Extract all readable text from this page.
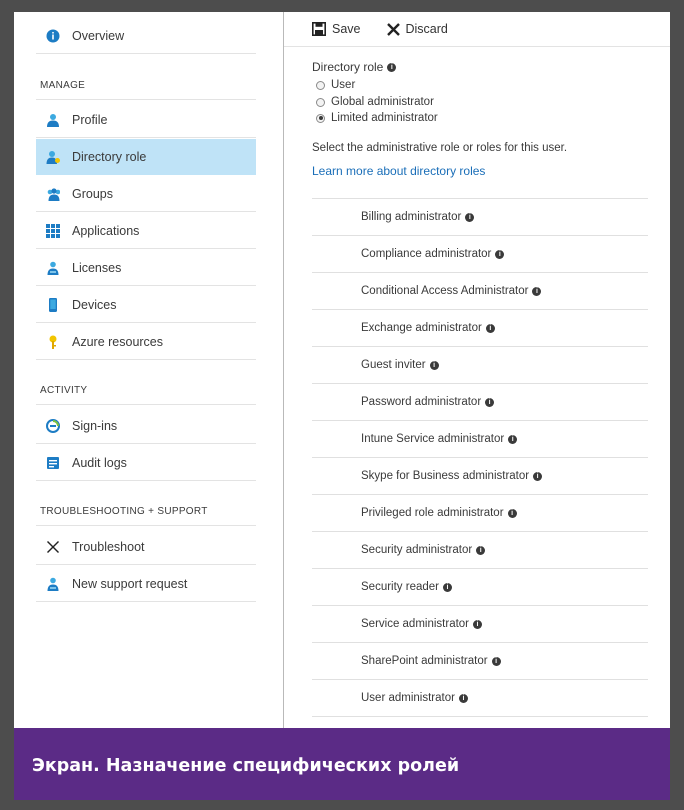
Overview
MANAGE
Profile
Directory role
Groups
Applications
Licenses
Devices
Azure resources
ACTIVITY
Sign-ins
Audit logs
TROUBLESHOOTING + SUPPORT
Troubleshoot
New support request
Save	Discard
Directory role i
User
Global administrator
Limited administrator
Select the administrative role or roles for this user.
Learn more about directory roles
Billing administrator	i
Compliance administrator	i
Conditional Access Administrator	i
Exchange administrator	i
Guest inviter	i
Password administrator	i
Intune Service administrator	i
Skype for Business administrator	i
Privileged role administrator	i
Security administrator	i
Security reader	i
Service administrator	i
SharePoint administrator	i
User administrator	i
Экран. Назначение специфических ролей
